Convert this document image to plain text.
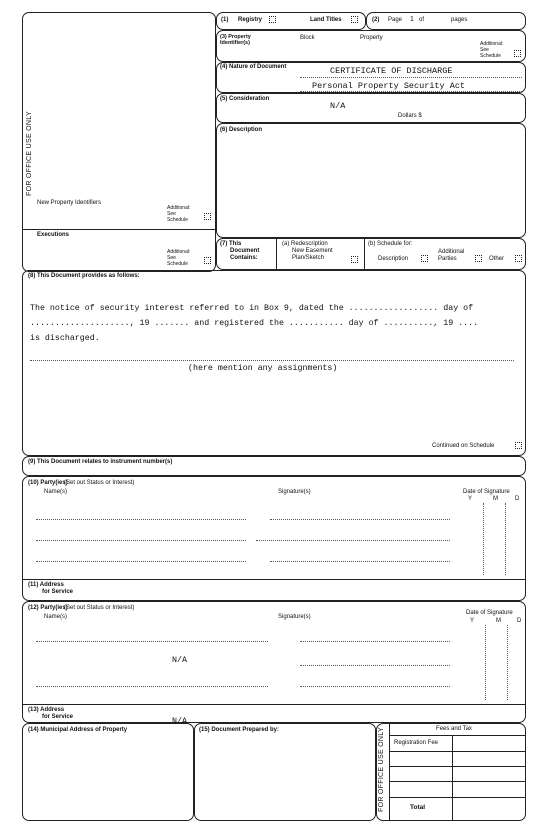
FOR OFFICE USE ONLY
New Property Identifiers
Additional:
See
Schedule
Executions
Additional:
See
Schedule
(1) Registry	Land Titles	(2) Page 1 of	pages
(3) Property Identifier(s)
Block	Property
Additional:
See
Schedule
(4) Nature of Document	CERTIFICATE OF DISCHARGE
Personal Property Security Act
(5) Consideration
N/A
Dollars $
(6) Description
(7) This
Document
Contains:
(a) Redescription
New Easement
Plan/Sketch
(b) Schedule for:
Description
Additional
Parties	Other
(8) This Document provides as follows:
The notice of security interest referred to in Box 9, dated the .................. day of
...................., 19 ....... and registered the ........... day of .........., 19 ....
is discharged.
(here mention any assignments)
Continued on Schedule
(9) This Document relates to instrument number(s)
(10) Party(ies)
(Set out Status or Interest)
Name(s)	Signature(s)	Date of Signature
Y	M	D
(11) Address
for Service
(12) Party(ies)
(Set out Status or Interest)
Name(s)	Signature(s)
Date of Signature
Y	M	D
N/A
(13) Address
for Service	N/A
(14) Municipal Address of Property	(15) Document Prepared by:	FOR OFFICE USE ONLY	Fees and Tax
Registration Fee
Total
